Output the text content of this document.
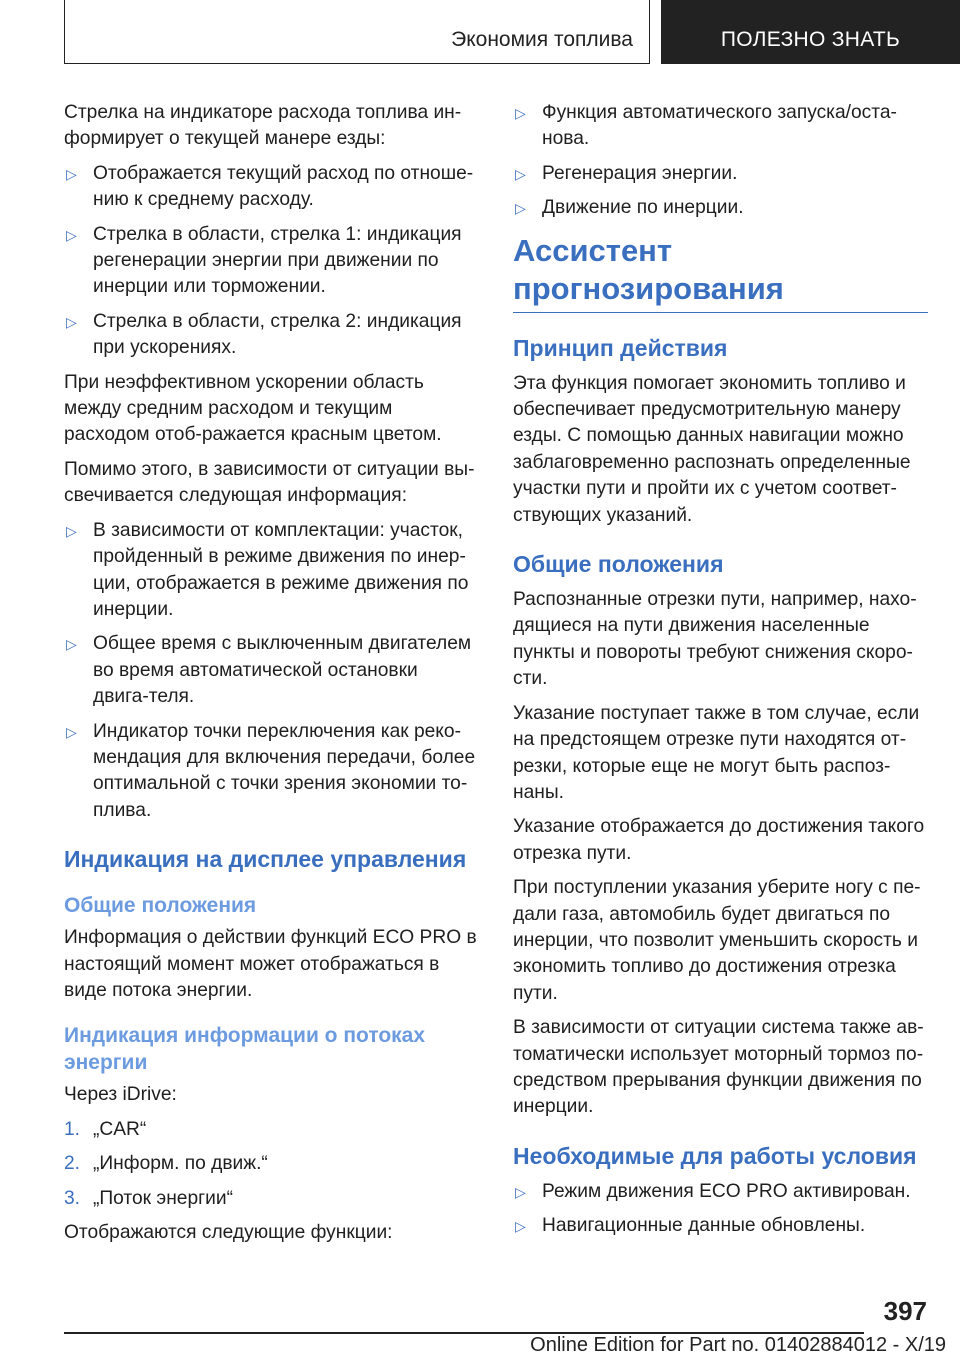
Экономия топлива	ПОЛЕЗНО ЗНАТЬ

Стрелка на индикаторе расхода топлива ин-формирует о текущей манере езды:

▷ Отображается текущий расход по отноше-нию к среднему расходу.
▷ Стрелка в области, стрелка 1: индикация регенерации энергии при движении по инерции или торможении.
▷ Стрелка в области, стрелка 2: индикация при ускорениях.

При неэффективном ускорении область между средним расходом и текущим расходом отоб-ражается красным цветом.

Помимо этого, в зависимости от ситуации вы-свечивается следующая информация:

▷ В зависимости от комплектации: участок, пройденный в режиме движения по инер-ции, отображается в режиме движения по инерции.
▷ Общее время с выключенным двигателем во время автоматической остановки двига-теля.
▷ Индикатор точки переключения как реко-мендация для включения передачи, более оптимальной с точки зрения экономии то-плива.
Индикация на дисплее управления
Общие положения

Информация о действии функций ECO PRO в настоящий момент может отображаться в виде потока энергии.

Индикация информации о потоках энергии

Через iDrive:

1. „CAR“
2. „Информ. по движ.“
3. „Поток энергии“

Отображаются следующие функции:

▷ Функция автоматического запуска/оста-нова.
▷ Регенерация энергии.
▷ Движение по инерции.
Ассистент прогнозирования
Принцип действия

Эта функция помогает экономить топливо и обеспечивает предусмотрительную манеру езды. С помощью данных навигации можно заблаговременно распознать определенные участки пути и пройти их с учетом соответ-ствующих указаний.

Общие положения

Распознанные отрезки пути, например, нахо-дящиеся на пути движения населенные пункты и повороты требуют снижения скоро-сти.

Указание поступает также в том случае, если на предстоящем отрезке пути находятся от-резки, которые еще не могут быть распоз-наны.

Указание отображается до достижения такого отрезка пути.

При поступлении указания уберите ногу с пе-дали газа, автомобиль будет двигаться по инерции, что позволит уменьшить скорость и экономить топливо до достижения отрезка пути.

В зависимости от ситуации система также ав-томатически использует моторный тормоз по-средством прерывания функции движения по инерции.

Необходимые для работы условия
▷ Режим движения ECO PRO активирован.
▷ Навигационные данные обновлены.
397
Online Edition for Part no. 01402884012 - X/19
